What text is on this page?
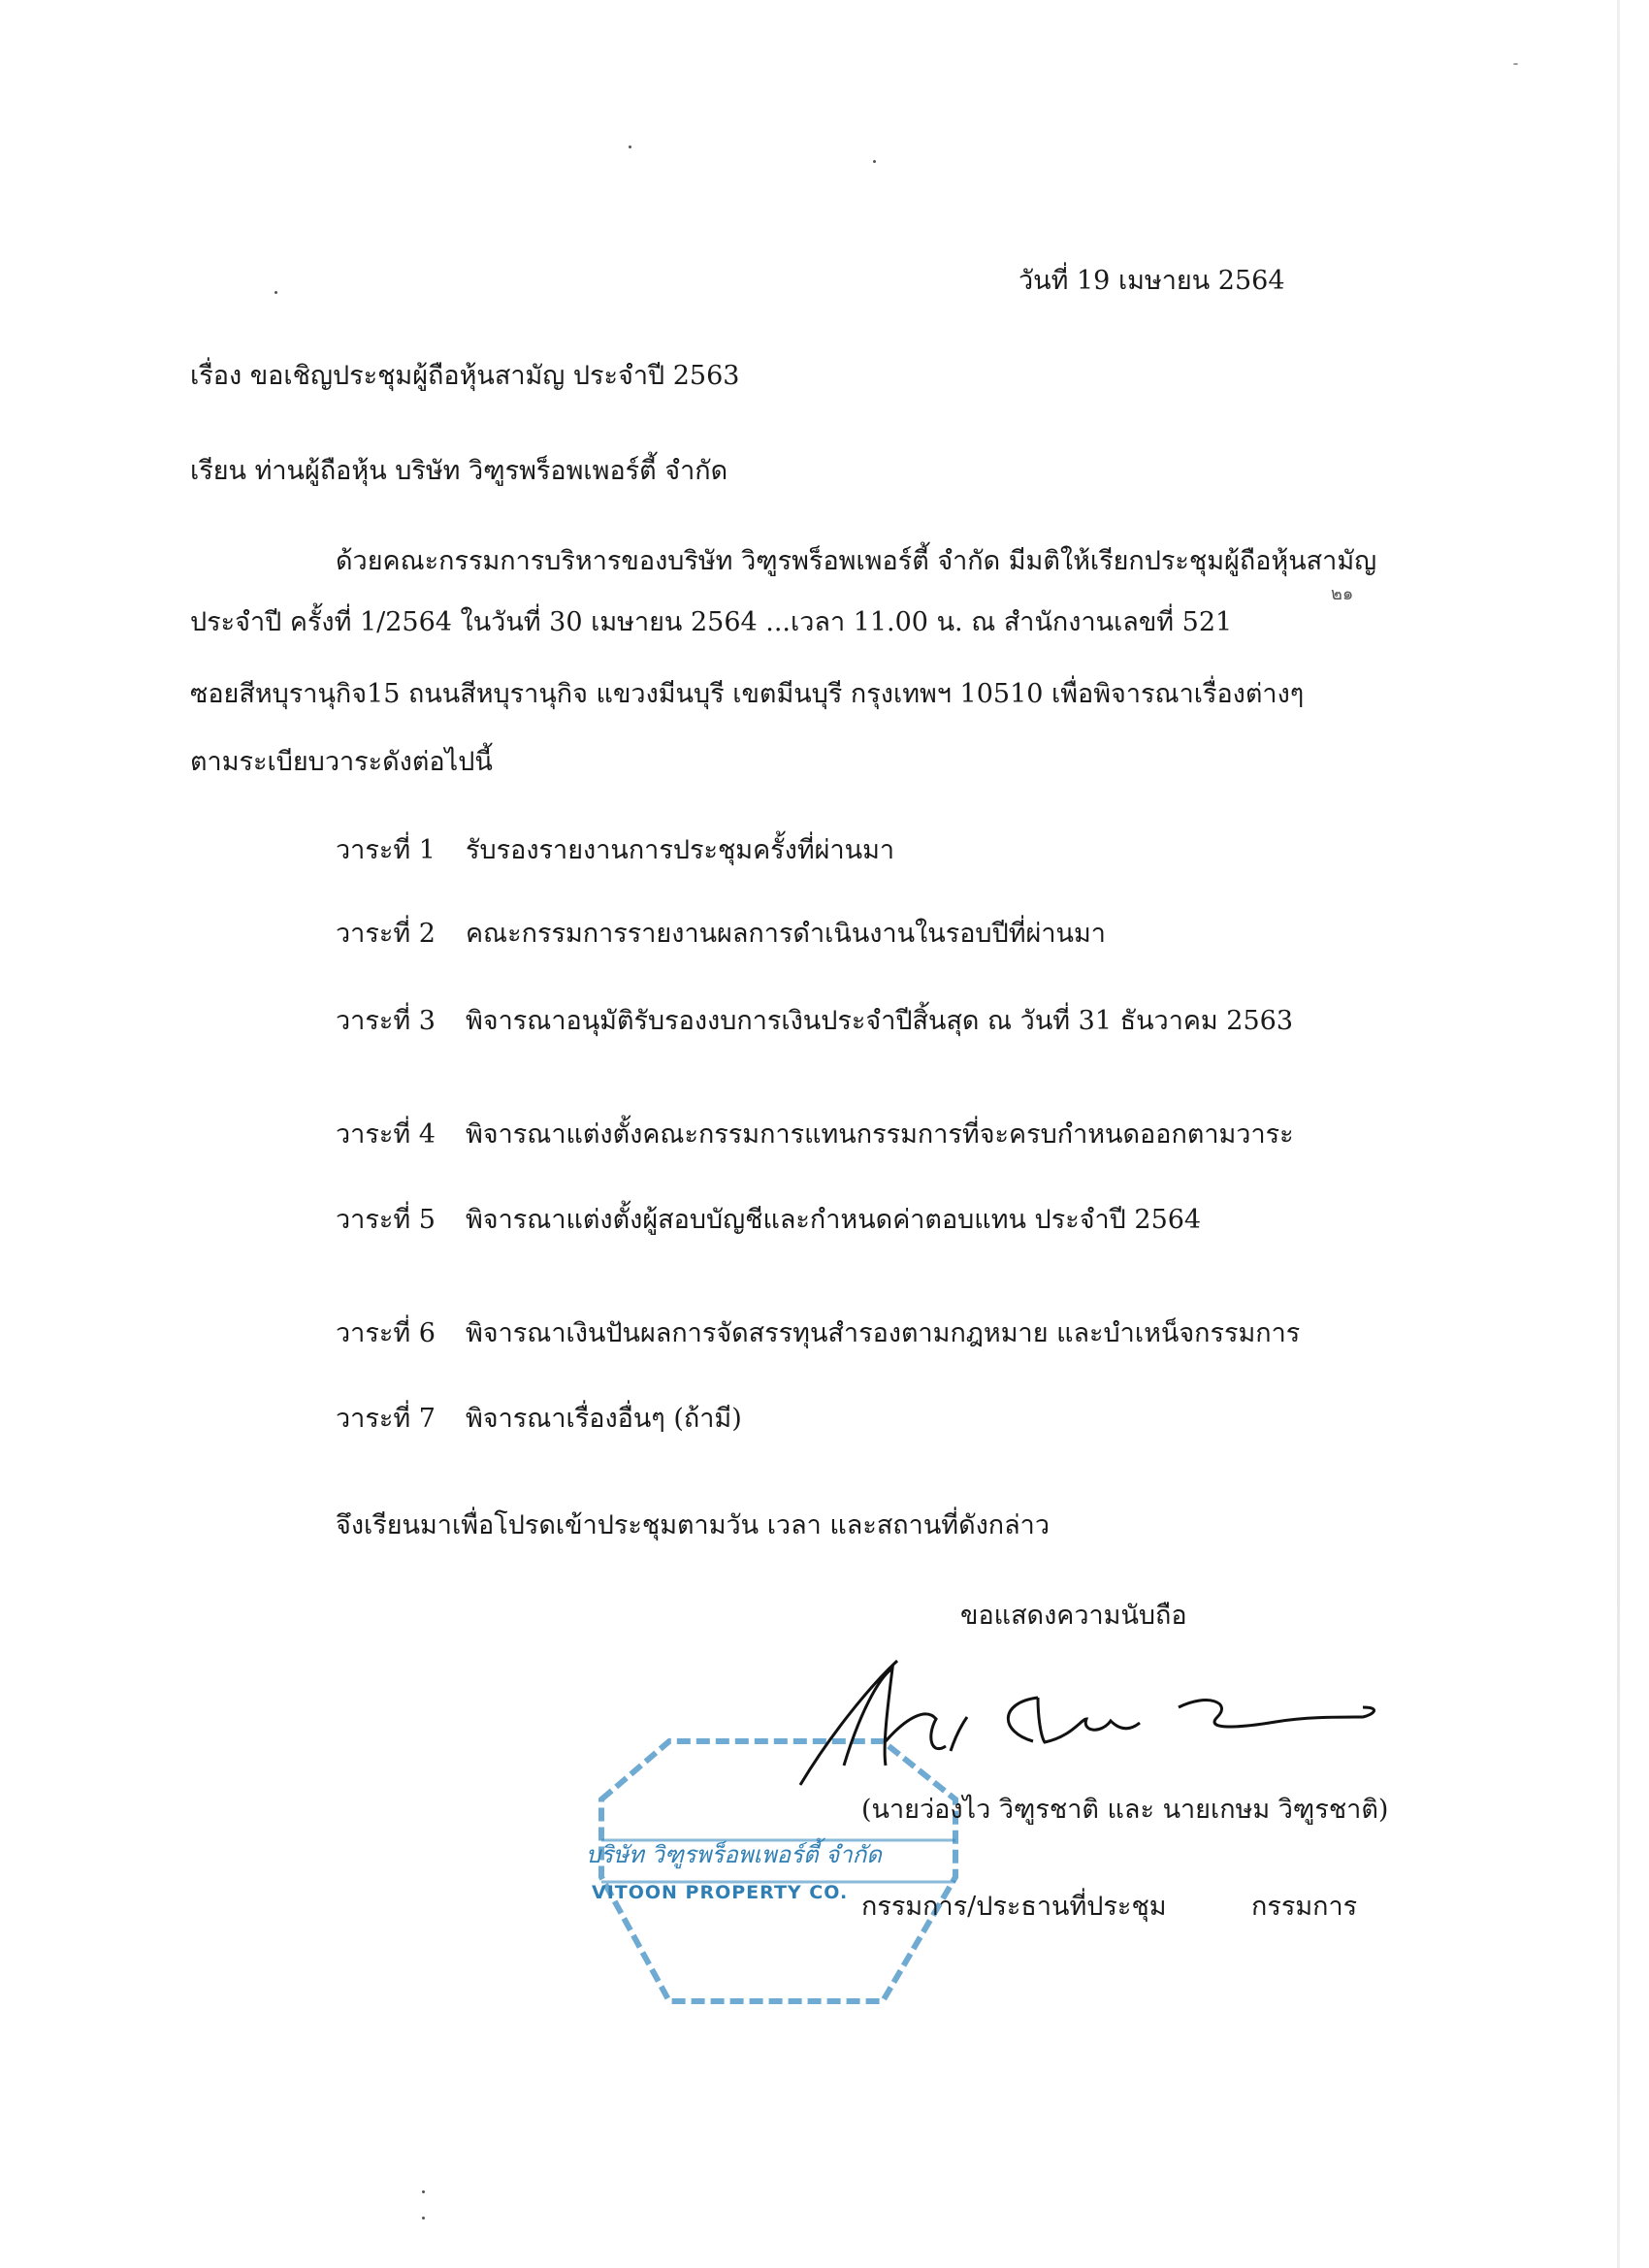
วันที่ 19 เมษายน 2564
เรื่อง ขอเชิญประชุมผู้ถือหุ้นสามัญ ประจำปี 2563
เรียน ท่านผู้ถือหุ้น บริษัท วิฑูรพร็อพเพอร์ตี้ จำกัด
ด้วยคณะกรรมการบริหารของบริษัท วิฑูรพร็อพเพอร์ตี้ จำกัด มีมติให้เรียกประชุมผู้ถือหุ้นสามัญ
ประจำปี ครั้งที่ 1/2564 ในวันที่ 30 เมษายน 2564 ...เวลา 11.00 น. ณ สำนักงานเลขที่ 521
ซอยสีหบุรานุกิจ15 ถนนสีหบุรานุกิจ แขวงมีนบุรี เขตมีนบุรี กรุงเทพฯ 10510 เพื่อพิจารณาเรื่องต่างๆ
ตามระเบียบวาระดังต่อไปนี้
๒๑
วาระที่ 1 รับรองรายงานการประชุมครั้งที่ผ่านมา
วาระที่ 2 คณะกรรมการรายงานผลการดำเนินงานในรอบปีที่ผ่านมา
วาระที่ 3 พิจารณาอนุมัติรับรองงบการเงินประจำปีสิ้นสุด ณ วันที่ 31 ธันวาคม 2563
วาระที่ 4 พิจารณาแต่งตั้งคณะกรรมการแทนกรรมการที่จะครบกำหนดออกตามวาระ
วาระที่ 5 พิจารณาแต่งตั้งผู้สอบบัญชีและกำหนดค่าตอบแทน ประจำปี 2564
วาระที่ 6 พิจารณาเงินปันผลการจัดสรรทุนสำรองตามกฎหมาย และบำเหน็จกรรมการ
วาระที่ 7 พิจารณาเรื่องอื่นๆ (ถ้ามี)
จึงเรียนมาเพื่อโปรดเข้าประชุมตามวัน เวลา และสถานที่ดังกล่าว
ขอแสดงความนับถือ
บริษัท วิฑูรพร็อพเพอร์ตี้ จำกัด
VITOON PROPERTY CO.
(นายว่องไว วิฑูรชาติ และ นายเกษม วิฑูรชาติ)
กรรมการ/ประธานที่ประชุม	กรรมการ
